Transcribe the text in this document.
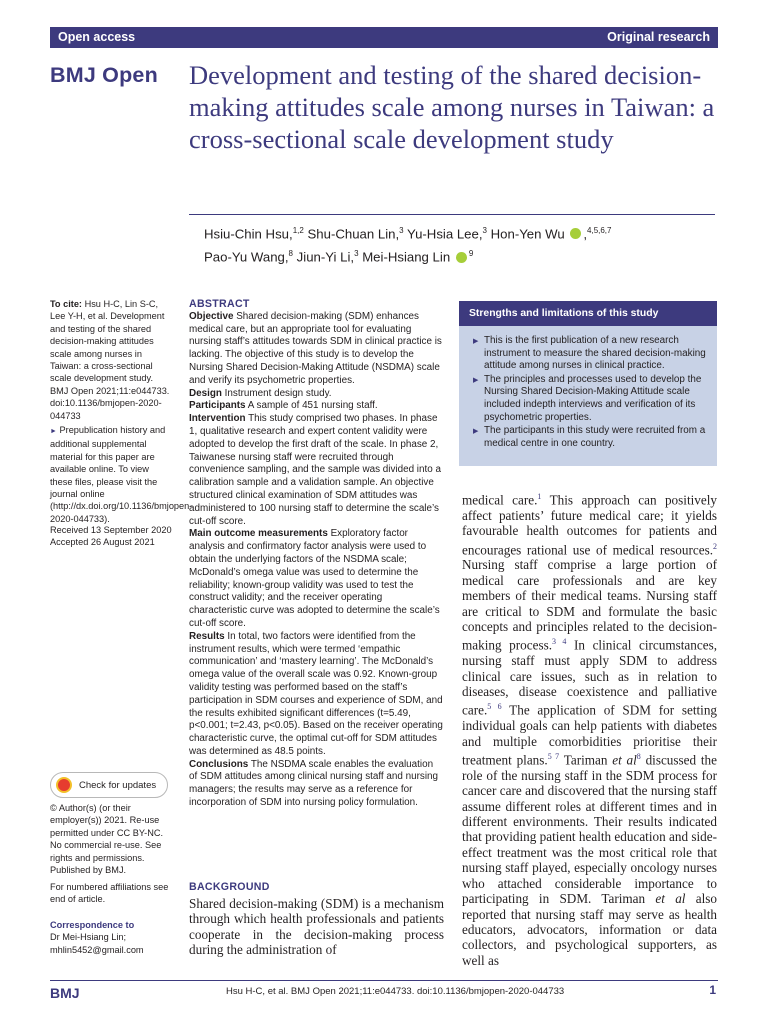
Open access	Original research
BMJ Open Development and testing of the shared decision-making attitudes scale among nurses in Taiwan: a cross-sectional scale development study
Hsiu-Chin Hsu,$^{1,2}$ Shu-Chuan Lin,$^3$ Yu-Hsia Lee,$^3$ Hon-Yen Wu ,$^{4,5,6,7}$
Pao-Yu Wang,$^8$ Jiun-Yi Li,$^3$ Mei-Hsiang Lin $^9$
To cite: Hsu H-C, Lin S-C, Lee Y-H, et al. Development and testing of the shared decision-making attitudes scale among nurses in Taiwan: a cross-sectional scale development study. BMJ Open 2021;11:e044733. doi:10.1136/bmjopen-2020-044733
► Prepublication history and additional supplemental material for this paper are available online. To view these files, please visit the journal online (http://dx.doi.org/10.1136/bmjopen-2020-044733).
Received 13 September 2020
Accepted 26 August 2021
Check for updates
© Author(s) (or their employer(s)) 2021. Re-use permitted under CC BY-NC. No commercial re-use. See rights and permissions. Published by BMJ.
For numbered affiliations see end of article.
Correspondence to
Dr Mei-Hsiang Lin;
mhlin5452@gmail.com
ABSTRACT
Objective Shared decision-making (SDM) enhances medical care, but an appropriate tool for evaluating nursing staff’s attitudes towards SDM in clinical practice is lacking. The objective of this study is to develop the Nursing Shared Decision-Making Attitude (NSDMA) scale and verify its psychometric properties.
Design Instrument design study.
Participants A sample of 451 nursing staff.
Intervention This study comprised two phases. In phase 1, qualitative research and expert content validity were adopted to develop the first draft of the scale. In phase 2, Taiwanese nursing staff were recruited through convenience sampling, and the sample was divided into a calibration sample and a validation sample. An objective structured clinical examination of SDM attitudes was administered to 100 nursing staff to determine the scale’s cut-off score.
Main outcome measurements Exploratory factor analysis and confirmatory factor analysis were used to obtain the underlying factors of the NSDMA scale; McDonald’s omega value was used to determine the reliability; known-group validity was used to test the construct validity; and the receiver operating characteristic curve was adopted to determine the scale’s cut-off score.
Results In total, two factors were identified from the instrument results, which were termed ‘empathic communication’ and ‘mastery learning’. The McDonald’s omega value of the overall scale was 0.92. Known-group validity testing was performed based on the staff’s participation in SDM courses and experience of SDM, and the results exhibited significant differences (t=5.49, p<0.001; t=2.43, p<0.05). Based on the receiver operating characteristic curve, the optimal cut-off for SDM attitudes was determined as 48.5 points.
Conclusions The NSDMA scale enables the evaluation of SDM attitudes among clinical nursing staff and nursing managers; the results may serve as a reference for incorporation of SDM into nursing policy formulation.
Strengths and limitations of this study
▶ This is the first publication of a new research instrument to measure the shared decision-making attitude among nurses in clinical practice.
▶ The principles and processes used to develop the Nursing Shared Decision-Making Attitude scale included indepth interviews and verification of its psychometric properties.
▶ The participants in this study were recruited from a medical centre in one country.
BACKGROUND
Shared decision-making (SDM) is a mechanism through which health professionals and patients cooperate in the decision-making process during the administration of
medical care.$^1$ This approach can positively affect patients’ future medical care; it yields favourable health outcomes for patients and encourages rational use of medical resources.$^2$ Nursing staff comprise a large portion of medical care professionals and are key members of their medical teams. Nursing staff are critical to SDM and formulate the basic concepts and principles related to the decision-making process.$^{3 4}$ In clinical circumstances, nursing staff must apply SDM to address clinical care issues, such as in relation to diseases, disease coexistence and palliative care.$^{5 6}$ The application of SDM for setting individual goals can help patients with diabetes and multiple comorbidities prioritise their treatment plans.$^{5 7}$ Tariman et $al^8$ discussed the role of the nursing staff in the SDM process for cancer care and discovered that the nursing staff assume different roles at different times and in different environments. Their results indicated that providing patient health education and side-effect treatment was the most critical role that nursing staff played, especially oncology nurses who attached considerable importance to participating in SDM. Tariman et al also reported that nursing staff may serve as health educators, advocators, information or data collectors, and psychological supporters, as well as
BMJ	Hsu H-C, et al. BMJ Open 2021;11:e044733. doi:10.1136/bmjopen-2020-044733	1
